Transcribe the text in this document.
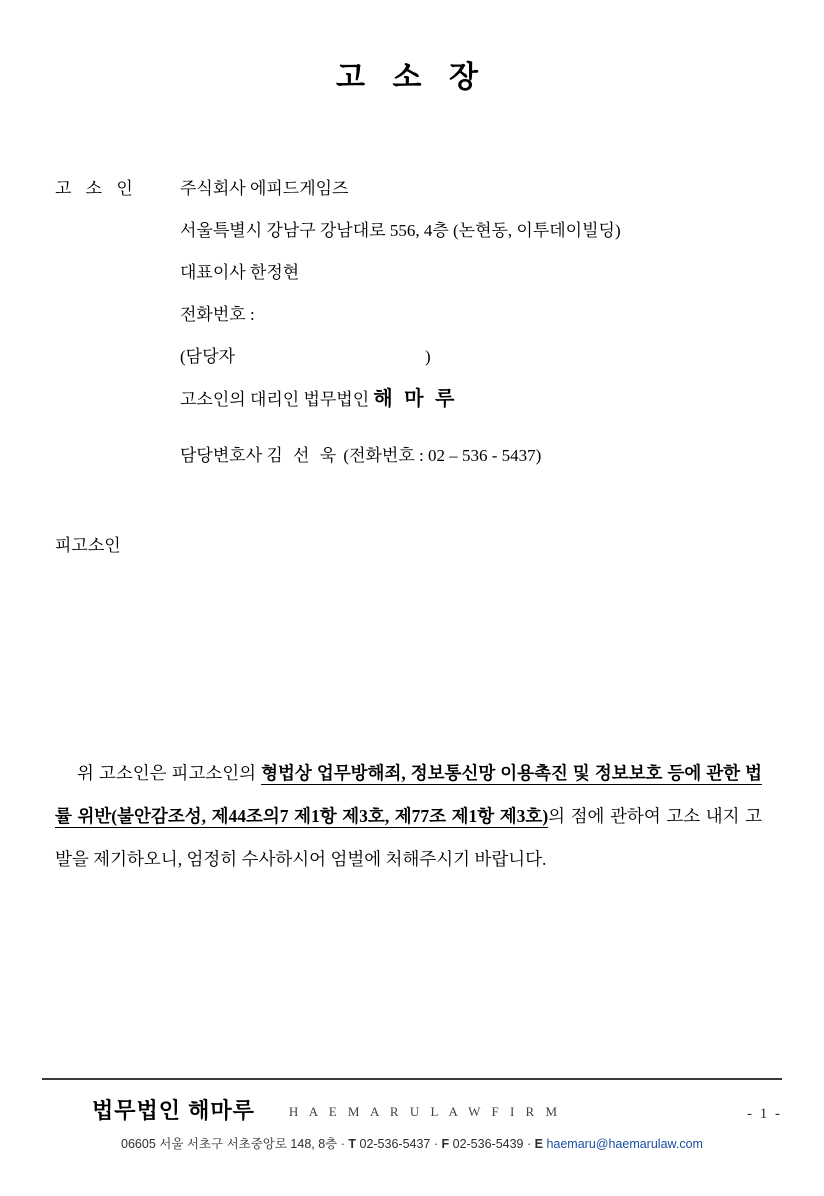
고 소 장
고 소 인	주식회사 에피드게임즈
서울특별시 강남구 강남대로 556, 4층 (논현동, 이투데이빌딩)
대표이사 한정현
전화번호 :
(담당자	)
고소인의 대리인 법무법인 해 마 루
담당변호사 김 선 욱 (전화번호 : 02 – 536 - 5437)
피고소인
위 고소인은 피고소인의 형법상 업무방해죄, 정보통신망 이용촉진 및 정보보호 등에 관한 법률 위반(불안감조성, 제44조의7 제1항 제3호, 제77조 제1항 제3호)의 점에 관하여 고소 내지 고발을 제기하오니, 엄정히 수사하시어 엄벌에 처해주시기 바랍니다.
법무법인 해마루	H A E M A R U L A W F I R M	- 1 -
06605 서울 서초구 서초중앙로 148, 8층 · T 02-536-5437 · F 02-536-5439 · E haemaru@haemarulaw.com
